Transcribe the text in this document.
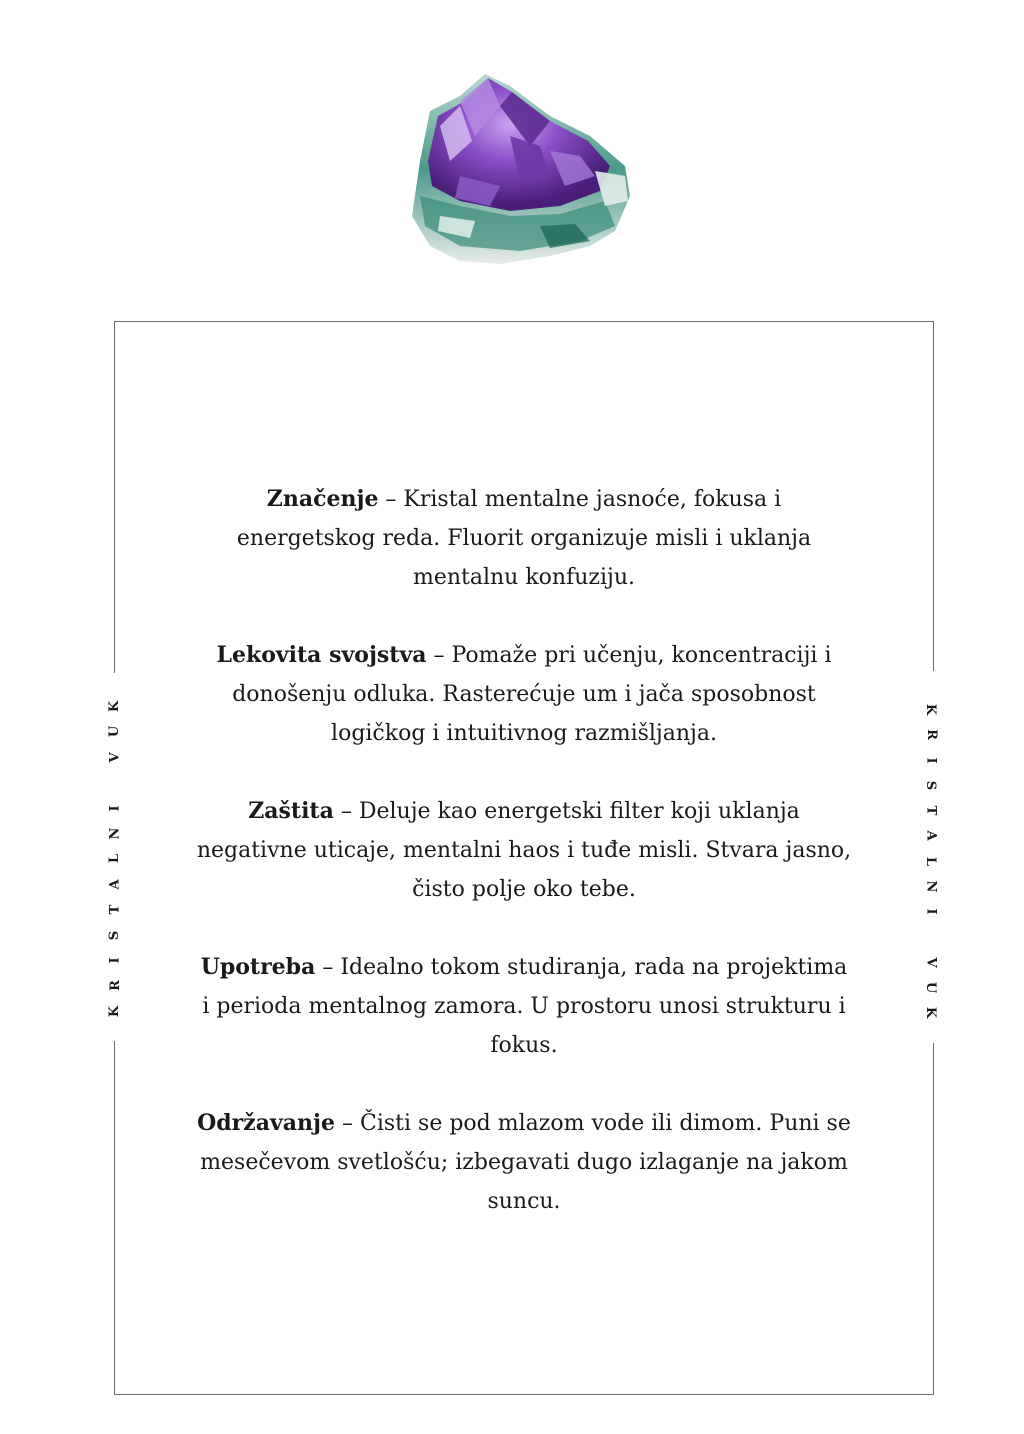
K
R
I
S
T
A
L
N
I

V
U
K	K
R
I
S
T
A
L
N
I

V
U
K

Značenje – Kristal mentalne jasnoće, fokusa i energetskog reda. Fluorit organizuje misli i uklanja mentalnu konfuziju.

Lekovita svojstva – Pomaže pri učenju, koncentraciji i donošenju odluka. Rasterećuje um i jača sposobnost logičkog i intuitivnog razmišljanja.

Zaštita – Deluje kao energetski filter koji uklanja negativne uticaje, mentalni haos i tuđe misli. Stvara jasno, čisto polje oko tebe.

Upotreba – Idealno tokom studiranja, rada na projektima i perioda mentalnog zamora. U prostoru unosi strukturu i fokus.

Održavanje – Čisti se pod mlazom vode ili dimom. Puni se mesečevom svetlošću; izbegavati dugo izlaganje na jakom suncu.
